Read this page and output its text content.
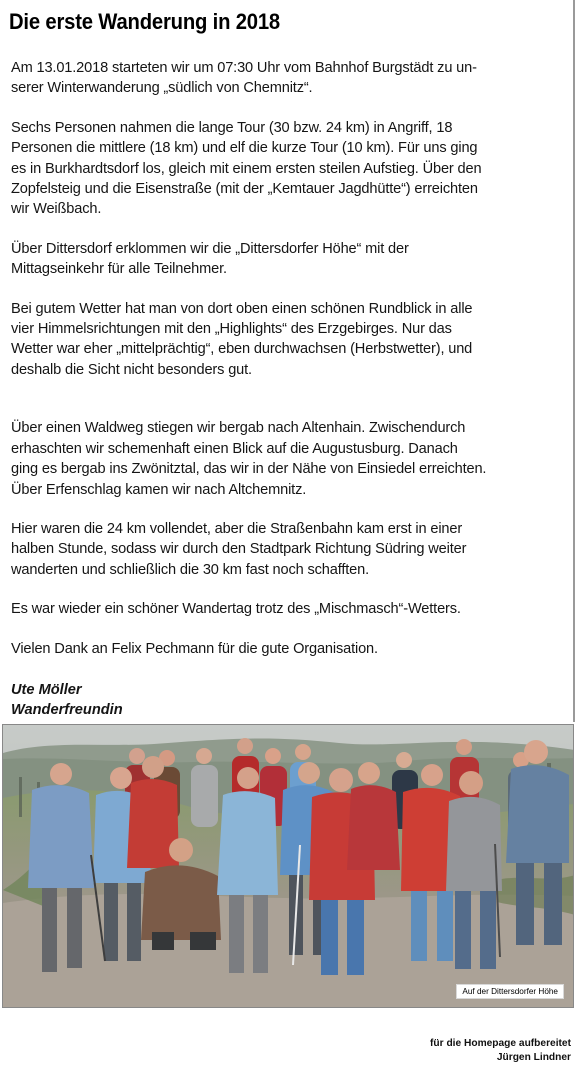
Die erste Wanderung in 2018

Am 13.01.2018 starteten wir um 07:30 Uhr vom Bahnhof Burgstädt zu un-
serer Winterwanderung „südlich von Chemnitz“.

Sechs Personen nahmen die lange Tour (30 bzw. 24 km) in Angriff, 18
Personen die mittlere (18 km) und elf die kurze Tour (10 km). Für uns ging
es in Burkhardtsdorf los, gleich mit einem ersten steilen Aufstieg. Über den
Zopfelsteig und die Eisenstraße (mit der „Kemtauer Jagdhütte“) erreichten
wir Weißbach.

Über Dittersdorf erklommen wir die „Dittersdorfer Höhe“ mit der
Mittagseinkehr für alle Teilnehmer.

Bei gutem Wetter hat man von dort oben einen schönen Rundblick in alle
vier Himmelsrichtungen mit den „Highlights“ des Erzgebirges. Nur das
Wetter war eher „mittelprächtig“, eben durchwachsen (Herbstwetter), und
deshalb die Sicht nicht besonders gut.

Über einen Waldweg stiegen wir bergab nach Altenhain. Zwischendurch
erhaschten wir schemenhaft einen Blick auf die Augustusburg. Danach
ging es bergab ins Zwönitztal, das wir in der Nähe von Einsiedel erreichten.
Über Erfenschlag kamen wir nach Altchemnitz.

Hier waren die 24 km vollendet, aber die Straßenbahn kam erst in einer
halben Stunde, sodass wir durch den Stadtpark Richtung Südring weiter
wanderten und schließlich die 30 km fast noch schafften.

Es war wieder ein schöner Wandertag trotz des „Mischmasch“-Wetters.

Vielen Dank an Felix Pechmann für die gute Organisation.

Ute Möller
Wanderfreundin
Auf der Dittersdorfer Höhe
für die Homepage aufbereitet
Jürgen Lindner
